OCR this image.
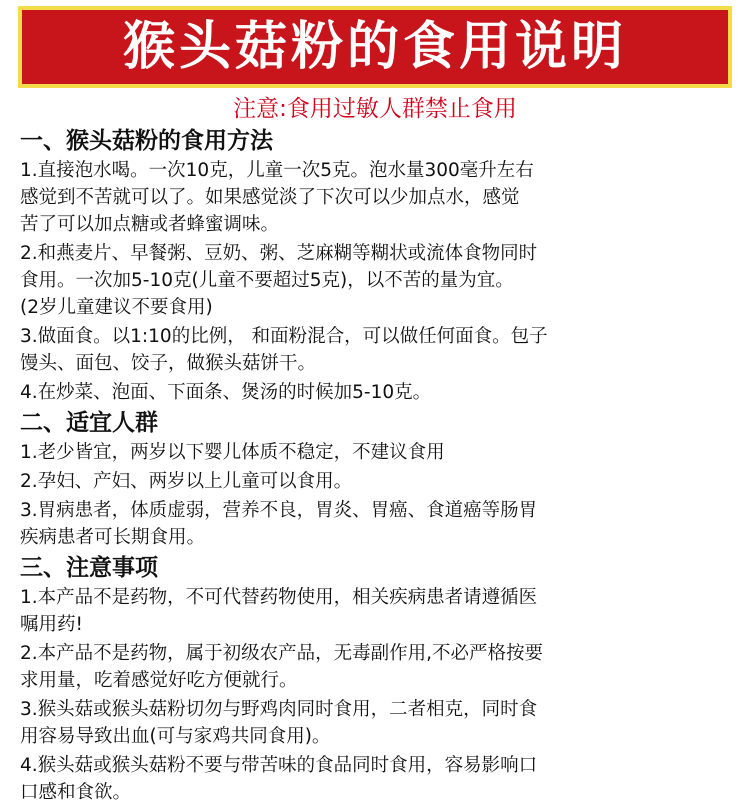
猴头菇粉的食用说明
注意:食用过敏人群禁止食用

一、猴头菇粉的食用方法

1.直接泡水喝。一次10克，儿童一次5克。泡水量300毫升左右
感觉到不苦就可以了。如果感觉淡了下次可以少加点水，感觉
苦了可以加点糖或者蜂蜜调味。

2.和燕麦片、早餐粥、豆奶、粥、芝麻糊等糊状或流体食物同时
食用。一次加5-10克(儿童不要超过5克)，以不苦的量为宜。
(2岁儿童建议不要食用)

3.做面食。以1:10的比例， 和面粉混合，可以做任何面食。包子
馒头、面包、饺子，做猴头菇饼干。

4.在炒菜、泡面、下面条、煲汤的时候加5-10克。

二、适宜人群

1.老少皆宜，两岁以下婴儿体质不稳定，不建议食用

2.孕妇、产妇、两岁以上儿童可以食用。

3.胃病患者，体质虚弱，营养不良，胃炎、胃癌、食道癌等肠胃
疾病患者可长期食用。

三、注意事项

1.本产品不是药物，不可代替药物使用，相关疾病患者请遵循医
嘱用药!

2.本产品不是药物，属于初级农产品，无毒副作用,不必严格按要
求用量，吃着感觉好吃方便就行。

3.猴头菇或猴头菇粉切勿与野鸡肉同时食用，二者相克，同时食
用容易导致出血(可与家鸡共同食用)。

4.猴头菇或猴头菇粉不要与带苦味的食品同时食用，容易影响口
口感和食欲。
